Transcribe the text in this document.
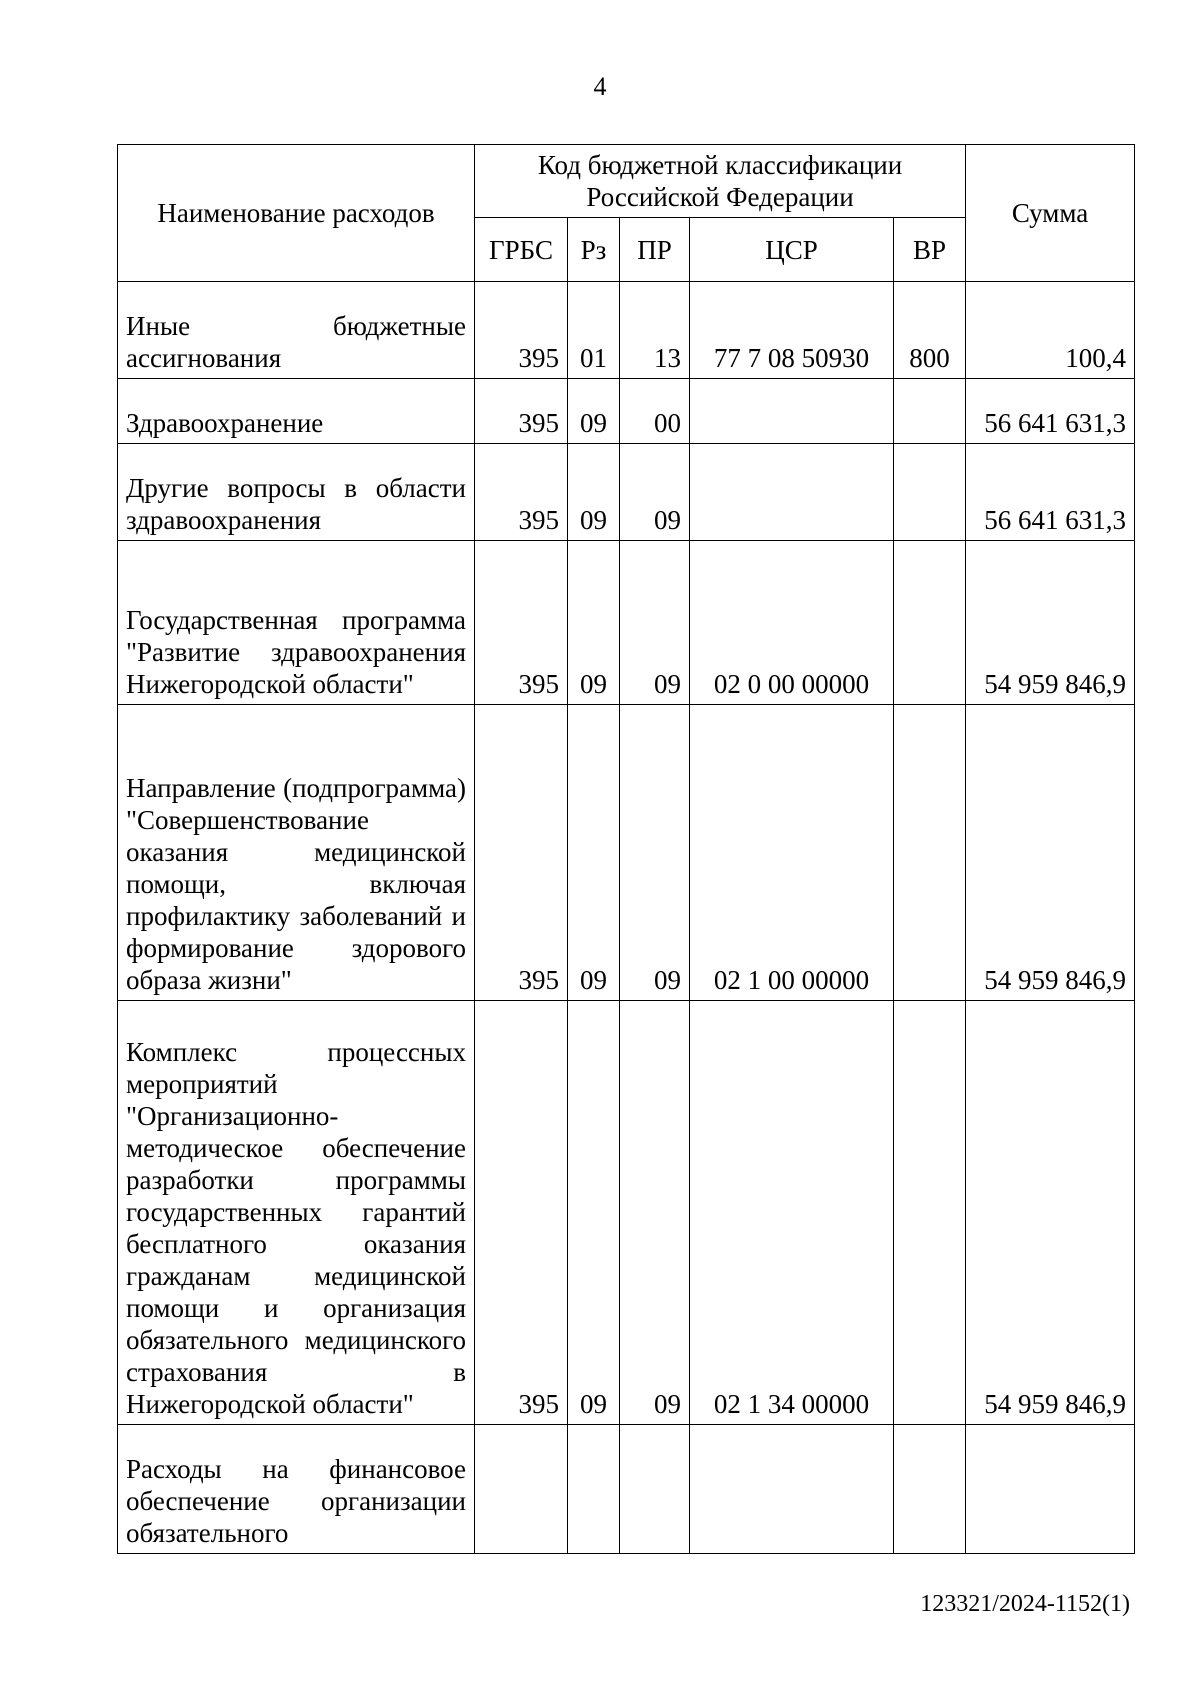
4
Наименование расходов	Код бюджетной классификации Российской Федерации					Сумма
	ГРБС	Рз	ПР	ЦСР	ВР	
Иные бюджетные ассигнования	395	01	13	77 7 08 50930	800	100,4
Здравоохранение	395	09	00			56 641 631,3
Другие вопросы в области здравоохранения	395	09	09			56 641 631,3
Государственная программа "Развитие здравоохранения Нижегородской области"	395	09	09	02 0 00 00000		54 959 846,9
Направление (подпрограмма) "Совершенствование оказания медицинской помощи, включая профилактику заболеваний и формирование здорового образа жизни"	395	09	09	02 1 00 00000		54 959 846,9
Комплекс процессных мероприятий "Организационно-методическое обеспечение разработки программы государственных гарантий бесплатного оказания гражданам медицинской помощи и организация обязательного медицинского страхования в Нижегородской области"	395	09	09	02 1 34 00000		54 959 846,9
Расходы на финансовое обеспечение организации обязательного						
123321/2024-1152(1)
